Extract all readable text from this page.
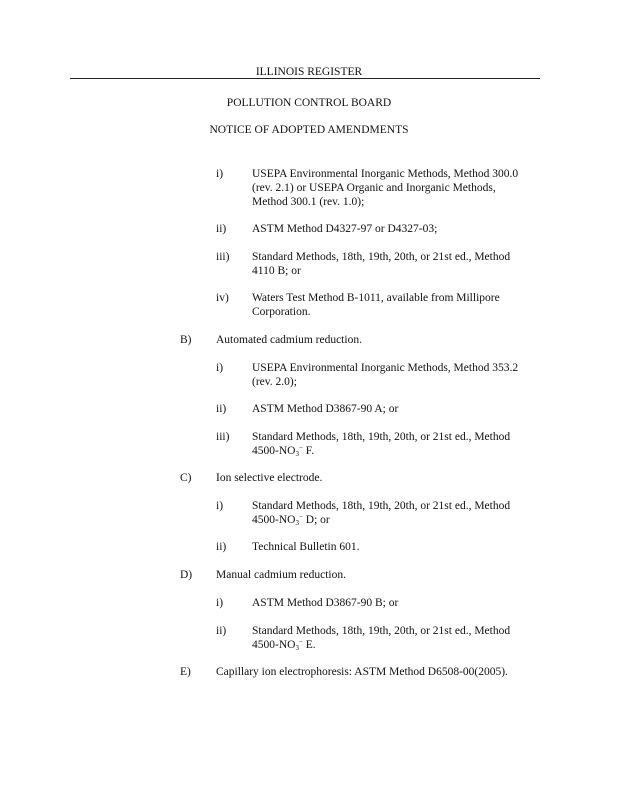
ILLINOIS REGISTER
POLLUTION CONTROL BOARD
NOTICE OF ADOPTED AMENDMENTS
i)	USEPA Environmental Inorganic Methods, Method 300.0
(rev. 2.1) or USEPA Organic and Inorganic Methods,
Method 300.1 (rev. 1.0);
ii) ASTM Method D4327-97 or D4327-03;
iii) Standard Methods, 18th, 19th, 20th, or 21st ed., Method
4110 B; or
iv) Waters Test Method B-1011, available from Millipore
Corporation.
B) Automated cadmium reduction.
i)	USEPA Environmental Inorganic Methods, Method 353.2
(rev. 2.0);
ii) ASTM Method D3867-90 A; or
iii) Standard Methods, 18th, 19th, 20th, or 21st ed., Method
$4500-NO_3^-$ F.
C) Ion selective electrode.
i)	Standard Methods, 18th, 19th, 20th, or 21st ed., Method
$4500-NO_3^-$ D; or
ii) Technical Bulletin 601.
D) Manual cadmium reduction.
i)	ASTM Method D3867-90 B; or
ii) Standard Methods, 18th, 19th, 20th, or 21st ed., Method
$4500-NO_3^-$ E.
E) Capillary ion electrophoresis: ASTM Method D6508-00(2005).
